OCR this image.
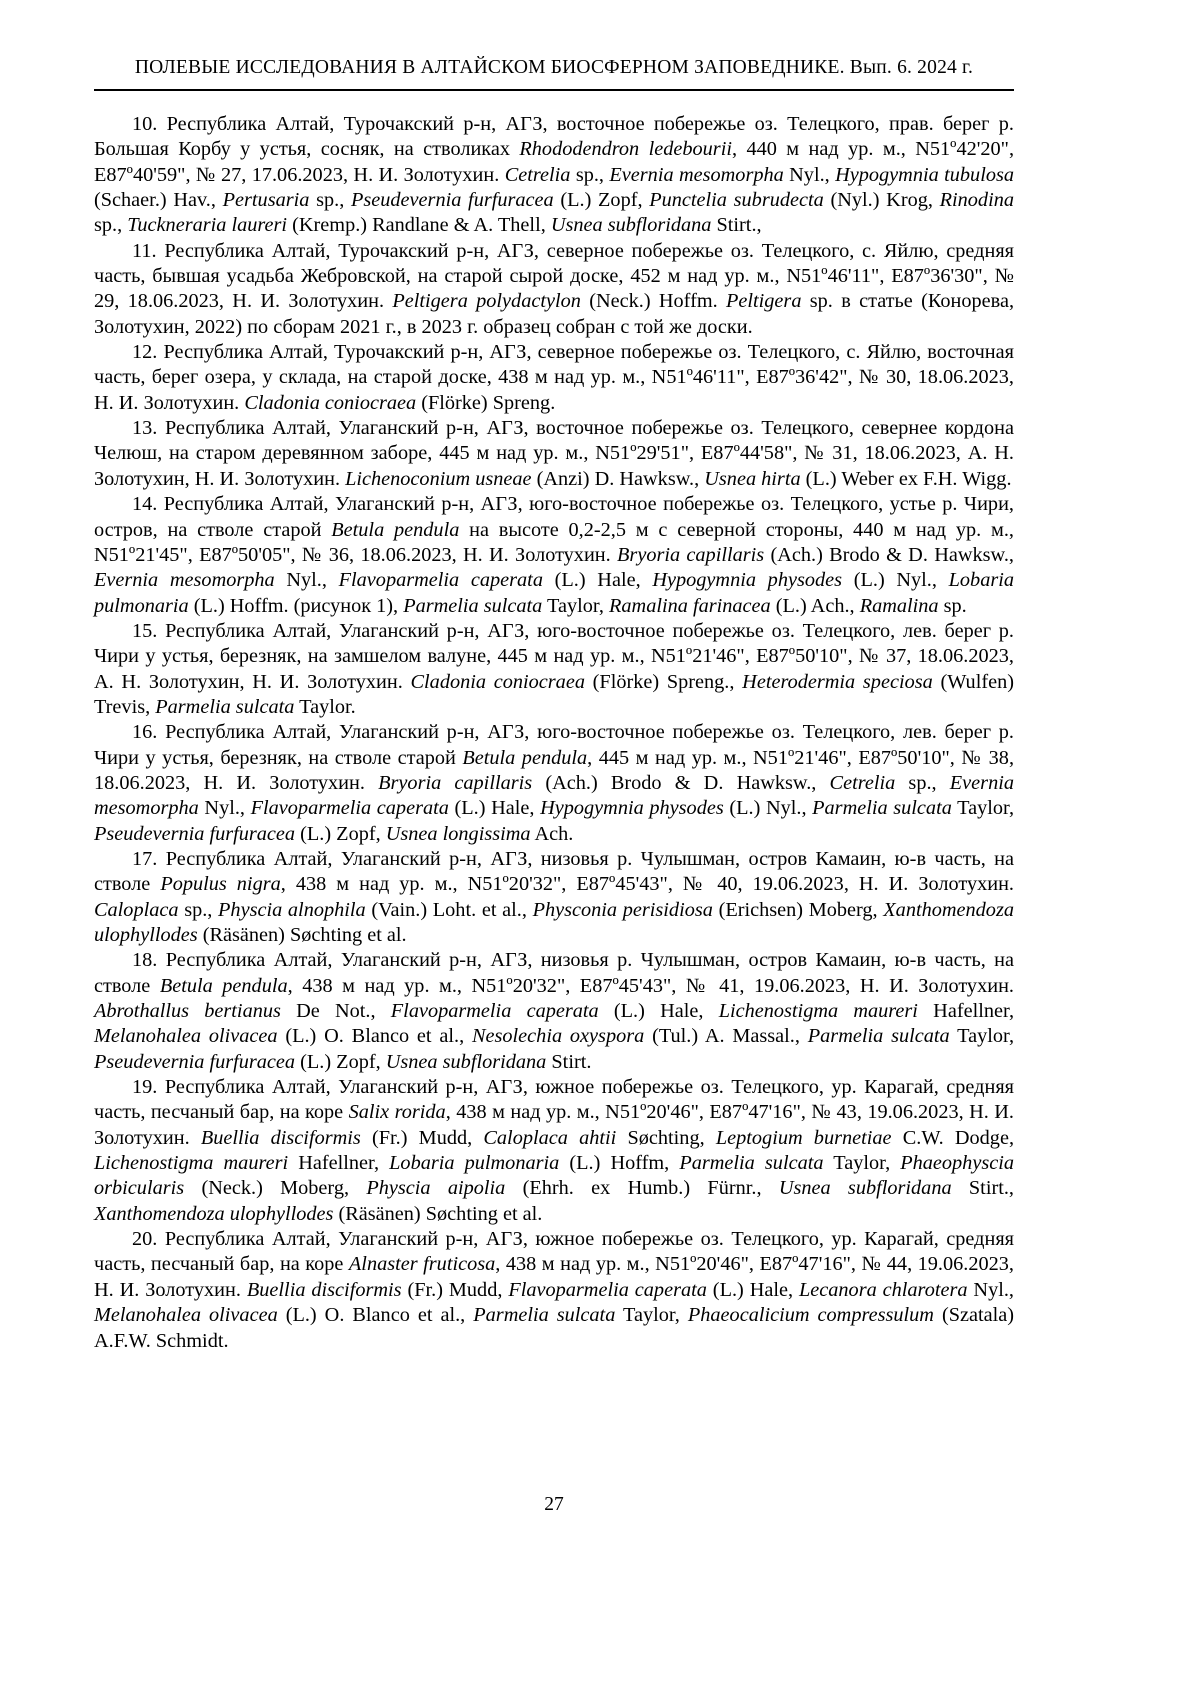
ПОЛЕВЫЕ ИССЛЕДОВАНИЯ В АЛТАЙСКОМ БИОСФЕРНОМ ЗАПОВЕДНИКЕ. Вып. 6. 2024 г.

10. Республика Алтай, Турочакский р-н, АГЗ, восточное побережье оз. Телецкого, прав. берег р. Большая Корбу у устья, сосняк, на стволиках Rhododendron ledebourii, 440 м над ур. м., N51º42'20", E87º40'59", № 27, 17.06.2023, Н. И. Золотухин. Cetrelia sp., Evernia mesomorpha Nyl., Hypogymnia tubulosa (Schaer.) Hav., Pertusaria sp., Pseudevernia furfuracea (L.) Zopf, Punctelia subrudecta (Nyl.) Krog, Rinodina sp., Tuckneraria laureri (Kremp.) Randlane & A. Thell, Usnea subfloridana Stirt.,

11. Республика Алтай, Турочакский р-н, АГЗ, северное побережье оз. Телецкого, с. Яйлю, средняя часть, бывшая усадьба Жебровской, на старой сырой доске, 452 м над ур. м., N51º46'11", E87º36'30", № 29, 18.06.2023, Н. И. Золотухин. Peltigera polydactylon (Neck.) Hoffm. Peltigera sp. в статье (Конорева, Золотухин, 2022) по сборам 2021 г., в 2023 г. образец собран с той же доски.

12. Республика Алтай, Турочакский р-н, АГЗ, северное побережье оз. Телецкого, с. Яйлю, восточная часть, берег озера, у склада, на старой доске, 438 м над ур. м., N51º46'11", E87º36'42", № 30, 18.06.2023, Н. И. Золотухин. Cladonia coniocraea (Flörke) Spreng.

13. Республика Алтай, Улаганский р-н, АГЗ, восточное побережье оз. Телецкого, севернее кордона Челюш, на старом деревянном заборе, 445 м над ур. м., N51º29'51", E87º44'58", № 31, 18.06.2023, А. Н. Золотухин, Н. И. Золотухин. Lichenoconium usneae (Anzi) D. Hawksw., Usnea hirta (L.) Weber ex F.H. Wigg.

14. Республика Алтай, Улаганский р-н, АГЗ, юго-восточное побережье оз. Телецкого, устье р. Чири, остров, на стволе старой Betula pendula на высоте 0,2-2,5 м с северной стороны, 440 м над ур. м., N51º21'45", E87º50'05", № 36, 18.06.2023, Н. И. Золотухин. Bryoria capillaris (Ach.) Brodo & D. Hawksw., Evernia mesomorpha Nyl., Flavoparmelia caperata (L.) Hale, Hypogymnia physodes (L.) Nyl., Lobaria pulmonaria (L.) Hoffm. (рисунок 1), Parmelia sulcata Taylor, Ramalina farinacea (L.) Ach., Ramalina sp.

15. Республика Алтай, Улаганский р-н, АГЗ, юго-восточное побережье оз. Телецкого, лев. берег р. Чири у устья, березняк, на замшелом валуне, 445 м над ур. м., N51º21'46", E87º50'10", № 37, 18.06.2023, А. Н. Золотухин, Н. И. Золотухин. Cladonia coniocraea (Flörke) Spreng., Heterodermia speciosa (Wulfen) Trevis, Parmelia sulcata Taylor.

16. Республика Алтай, Улаганский р-н, АГЗ, юго-восточное побережье оз. Телецкого, лев. берег р. Чири у устья, березняк, на стволе старой Betula pendula, 445 м над ур. м., N51º21'46", E87º50'10", № 38, 18.06.2023, Н. И. Золотухин. Bryoria capillaris (Ach.) Brodo & D. Hawksw., Cetrelia sp., Evernia mesomorpha Nyl., Flavoparmelia caperata (L.) Hale, Hypogymnia physodes (L.) Nyl., Parmelia sulcata Taylor, Pseudevernia furfuracea (L.) Zopf, Usnea longissima Ach.

17. Республика Алтай, Улаганский р-н, АГЗ, низовья р. Чулышман, остров Камаин, ю-в часть, на стволе Populus nigra, 438 м над ур. м., N51º20'32", E87º45'43", № 40, 19.06.2023, Н. И. Золотухин. Caloplaca sp., Physcia alnophila (Vain.) Loht. et al., Physconia perisidiosa (Erichsen) Moberg, Xanthomendoza ulophyllodes (Räsänen) Søchting et al.

18. Республика Алтай, Улаганский р-н, АГЗ, низовья р. Чулышман, остров Камаин, ю-в часть, на стволе Betula pendula, 438 м над ур. м., N51º20'32", E87º45'43", № 41, 19.06.2023, Н. И. Золотухин. Abrothallus bertianus De Not., Flavoparmelia caperata (L.) Hale, Lichenostigma maureri Hafellner, Melanohalea olivacea (L.) O. Blanco et al., Nesolechia oxyspora (Tul.) A. Massal., Parmelia sulcata Taylor, Pseudevernia furfuracea (L.) Zopf, Usnea subfloridana Stirt.

19. Республика Алтай, Улаганский р-н, АГЗ, южное побережье оз. Телецкого, ур. Карагай, средняя часть, песчаный бар, на коре Salix rorida, 438 м над ур. м., N51º20'46", E87º47'16", № 43, 19.06.2023, Н. И. Золотухин. Buellia disciformis (Fr.) Mudd, Caloplaca ahtii Søchting, Leptogium burnetiae C.W. Dodge, Lichenostigma maureri Hafellner, Lobaria pulmonaria (L.) Hoffm, Parmelia sulcata Taylor, Phaeophyscia orbicularis (Neck.) Moberg, Physcia aipolia (Ehrh. ex Humb.) Fürnr., Usnea subfloridana Stirt., Xanthomendoza ulophyllodes (Räsänen) Søchting et al.

20. Республика Алтай, Улаганский р-н, АГЗ, южное побережье оз. Телецкого, ур. Карагай, средняя часть, песчаный бар, на коре Alnaster fruticosa, 438 м над ур. м., N51º20'46", E87º47'16", № 44, 19.06.2023, Н. И. Золотухин. Buellia disciformis (Fr.) Mudd, Flavoparmelia caperata (L.) Hale, Lecanora chlarotera Nyl., Melanohalea olivacea (L.) O. Blanco et al., Parmelia sulcata Taylor, Phaeocalicium compressulum (Szatala) A.F.W. Schmidt.

27
